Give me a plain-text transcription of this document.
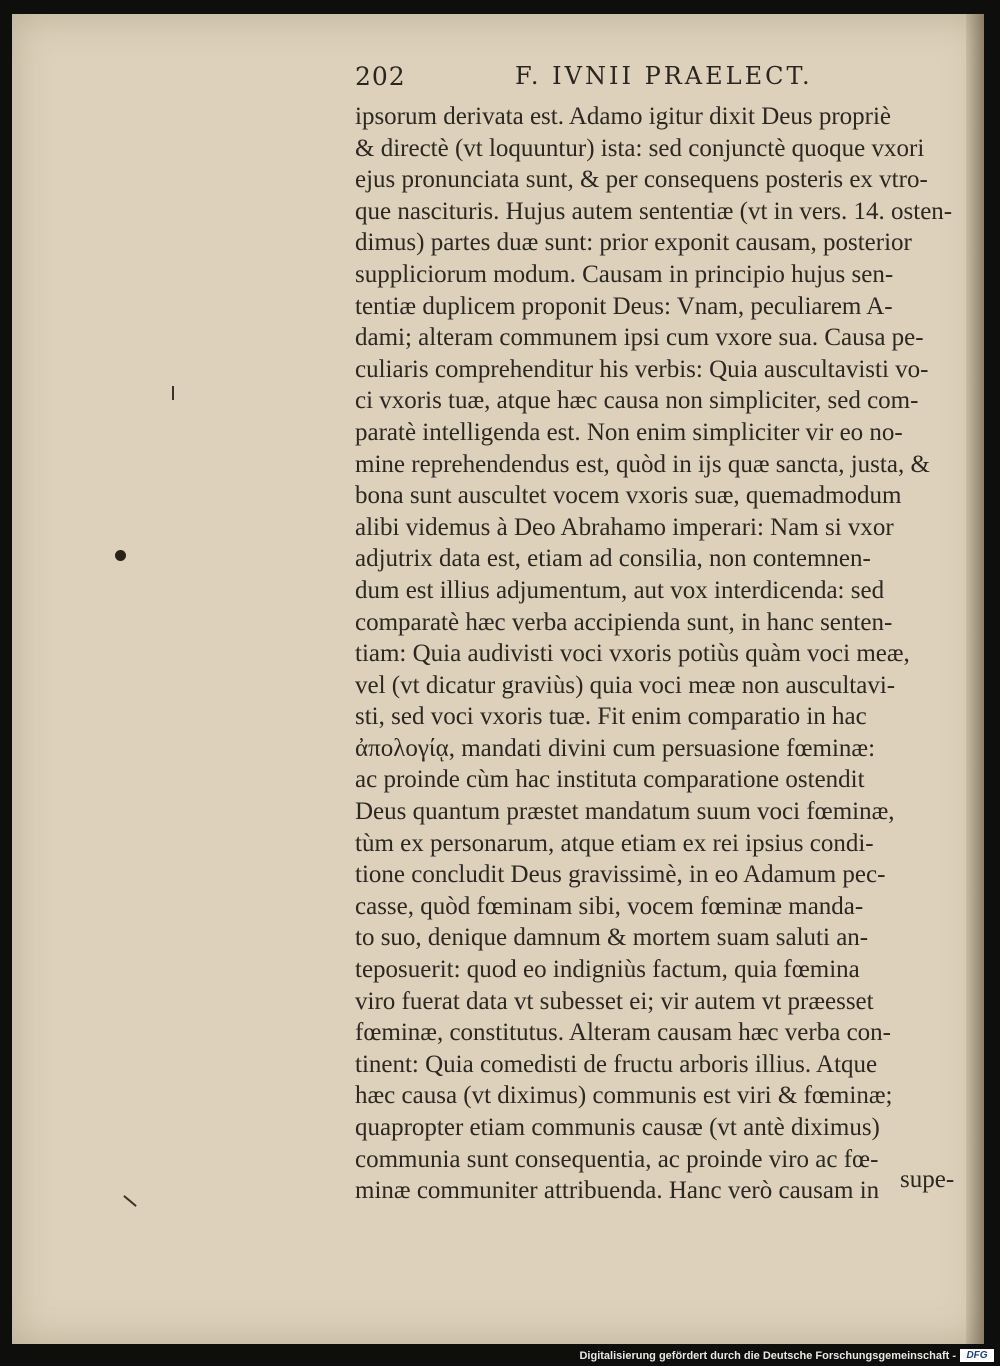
202	F. IVNII PRAELECT.
ipsorum derivata est. Adamo igitur dixit Deus propriè
& directè (vt loquuntur) ista: sed conjunctè quoque vxori
ejus pronunciata sunt, & per consequens posteris ex vtro-
que nascituris. Hujus autem sententiæ (vt in vers. 14. osten-
dimus) partes duæ sunt: prior exponit causam, posterior
suppliciorum modum. Causam in principio hujus sen-
tentiæ duplicem proponit Deus: Vnam, peculiarem A-
dami; alteram communem ipsi cum vxore sua. Causa pe-
culiaris comprehenditur his verbis: Quia auscultavisti vo-
ci vxoris tuæ, atque hæc causa non simpliciter, sed com-
paratè intelligenda est. Non enim simpliciter vir eo no-
mine reprehendendus est, quòd in ijs quæ sancta, justa, &
bona sunt auscultet vocem vxoris suæ, quemadmodum
alibi videmus à Deo Abrahamo imperari: Nam si vxor
adjutrix data est, etiam ad consilia, non contemnen-
dum est illius adjumentum, aut vox interdicenda: sed
comparatè hæc verba accipienda sunt, in hanc senten-
tiam: Quia audivisti voci vxoris potiùs quàm voci meæ,
vel (vt dicatur graviùs) quia voci meæ non auscultavi-
sti, sed voci vxoris tuæ. Fit enim comparatio in hac
ἀπολογίᾳ, mandati divini cum persuasione fœminæ:
ac proinde cùm hac instituta comparatione ostendit
Deus quantum præstet mandatum suum voci fœminæ,
tùm ex personarum, atque etiam ex rei ipsius condi-
tione concludit Deus gravissimè, in eo Adamum pec-
casse, quòd fœminam sibi, vocem fœminæ manda-
to suo, denique damnum & mortem suam saluti an-
teposuerit: quod eo indigniùs factum, quia fœmina
viro fuerat data vt subesset ei; vir autem vt præesset
fœminæ, constitutus. Alteram causam hæc verba con-
tinent: Quia comedisti de fructu arboris illius. Atque
hæc causa (vt diximus) communis est viri & fœminæ;
quapropter etiam communis causæ (vt antè diximus)
communia sunt consequentia, ac proinde viro ac fœ-
minæ communiter attribuenda. Hanc verò causam in supe-
Digitalisierung gefördert durch die Deutsche Forschungsgemeinschaft -	DFG
